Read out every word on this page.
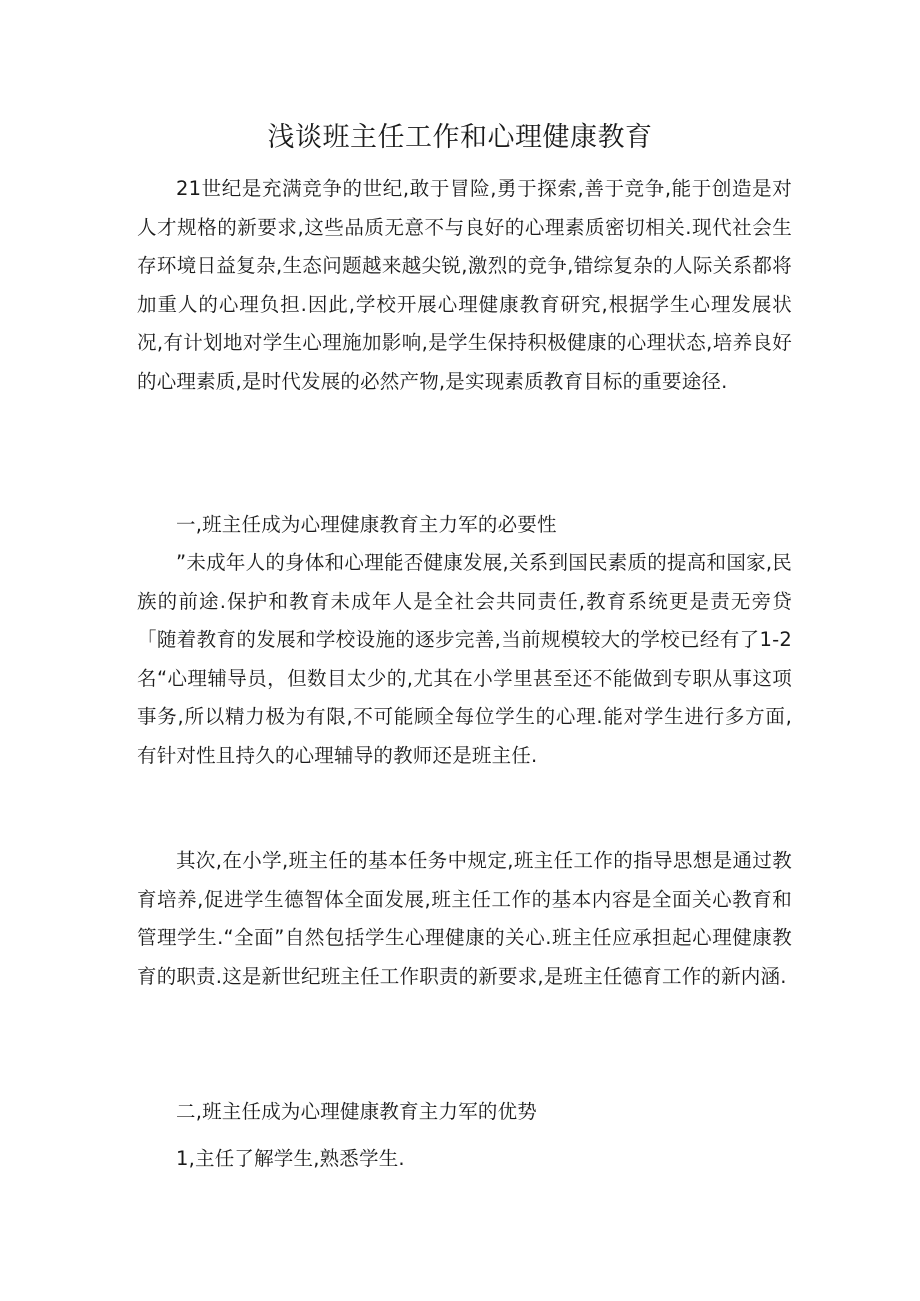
浅谈班主任工作和心理健康教育

21世纪是充满竞争的世纪,敢于冒险,勇于探索,善于竞争,能于创造是对人才规格的新要求,这些品质无意不与良好的心理素质密切相关.现代社会生存环境日益复杂,生态问题越来越尖锐,激烈的竞争,错综复杂的人际关系都将加重人的心理负担.因此,学校开展心理健康教育研究,根据学生心理发展状况,有计划地对学生心理施加影响,是学生保持积极健康的心理状态,培养良好的心理素质,是时代发展的必然产物,是实现素质教育目标的重要途径.

一,班主任成为心理健康教育主力军的必要性

”未成年人的身体和心理能否健康发展,关系到国民素质的提高和国家,民族的前途.保护和教育未成年人是全社会共同责任,教育系统更是责无旁贷「随着教育的发展和学校设施的逐步完善,当前规模较大的学校已经有了1-2名“心理辅导员，但数目太少的,尤其在小学里甚至还不能做到专职从事这项事务,所以精力极为有限,不可能顾全每位学生的心理.能对学生进行多方面,有针对性且持久的心理辅导的教师还是班主任.

其次,在小学,班主任的基本任务中规定,班主任工作的指导思想是通过教育培养,促进学生德智体全面发展,班主任工作的基本内容是全面关心教育和管理学生.“全面”自然包括学生心理健康的关心.班主任应承担起心理健康教育的职责.这是新世纪班主任工作职责的新要求,是班主任德育工作的新内涵.

二,班主任成为心理健康教育主力军的优势

1,主任了解学生,熟悉学生.
